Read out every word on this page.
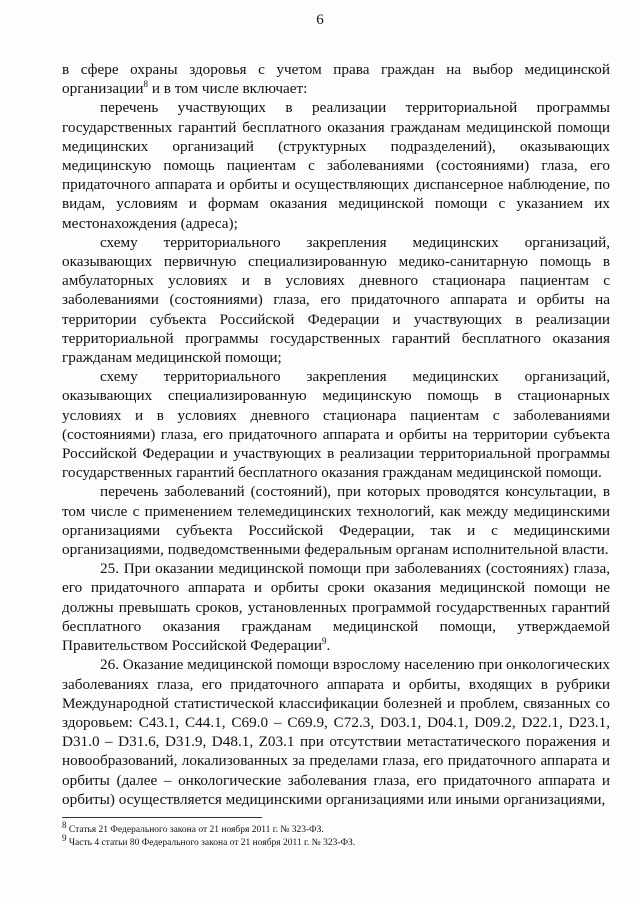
6

в сфере охраны здоровья с учетом права граждан на выбор медицинской организации$^8$ и в том числе включает:

перечень участвующих в реализации территориальной программы государственных гарантий бесплатного оказания гражданам медицинской помощи медицинских организаций (структурных подразделений), оказывающих медицинскую помощь пациентам с заболеваниями (состояниями) глаза, его придаточного аппарата и орбиты и осуществляющих диспансерное наблюдение, по видам, условиям и формам оказания медицинской помощи с указанием их местонахождения (адреса);

схему территориального закрепления медицинских организаций, оказывающих первичную специализированную медико-санитарную помощь в амбулаторных условиях и в условиях дневного стационара пациентам с заболеваниями (состояниями) глаза, его придаточного аппарата и орбиты на территории субъекта Российской Федерации и участвующих в реализации территориальной программы государственных гарантий бесплатного оказания гражданам медицинской помощи;

схему территориального закрепления медицинских организаций, оказывающих специализированную медицинскую помощь в стационарных условиях и в условиях дневного стационара пациентам с заболеваниями (состояниями) глаза, его придаточного аппарата и орбиты на территории субъекта Российской Федерации и участвующих в реализации территориальной программы государственных гарантий бесплатного оказания гражданам медицинской помощи.

перечень заболеваний (состояний), при которых проводятся консультации, в том числе с применением телемедицинских технологий, как между медицинскими организациями субъекта Российской Федерации, так и с медицинскими организациями, подведомственными федеральным органам исполнительной власти.

25. При оказании медицинской помощи при заболеваниях (состояниях) глаза, его придаточного аппарата и орбиты сроки оказания медицинской помощи не должны превышать сроков, установленных программой государственных гарантий бесплатного оказания гражданам медицинской помощи, утверждаемой Правительством Российской Федерации$^9$.

26. Оказание медицинской помощи взрослому населению при онкологических заболеваниях глаза, его придаточного аппарата и орбиты, входящих в рубрики Международной статистической классификации болезней и проблем, связанных со здоровьем: C43.1, C44.1, C69.0 – C69.9, C72.3, D03.1, D04.1, D09.2, D22.1, D23.1, D31.0 – D31.6, D31.9, D48.1, Z03.1 при отсутствии метастатического поражения и новообразований, локализованных за пределами глаза, его придаточного аппарата и орбиты (далее – онкологические заболевания глаза, его придаточного аппарата и орбиты) осуществляется медицинскими организациями или иными организациями,

$^8$ Статья 21 Федерального закона от 21 ноября 2011 г. № 323-ФЗ.
$^9$ Часть 4 статьи 80 Федерального закона от 21 ноября 2011 г. № 323-ФЗ.
